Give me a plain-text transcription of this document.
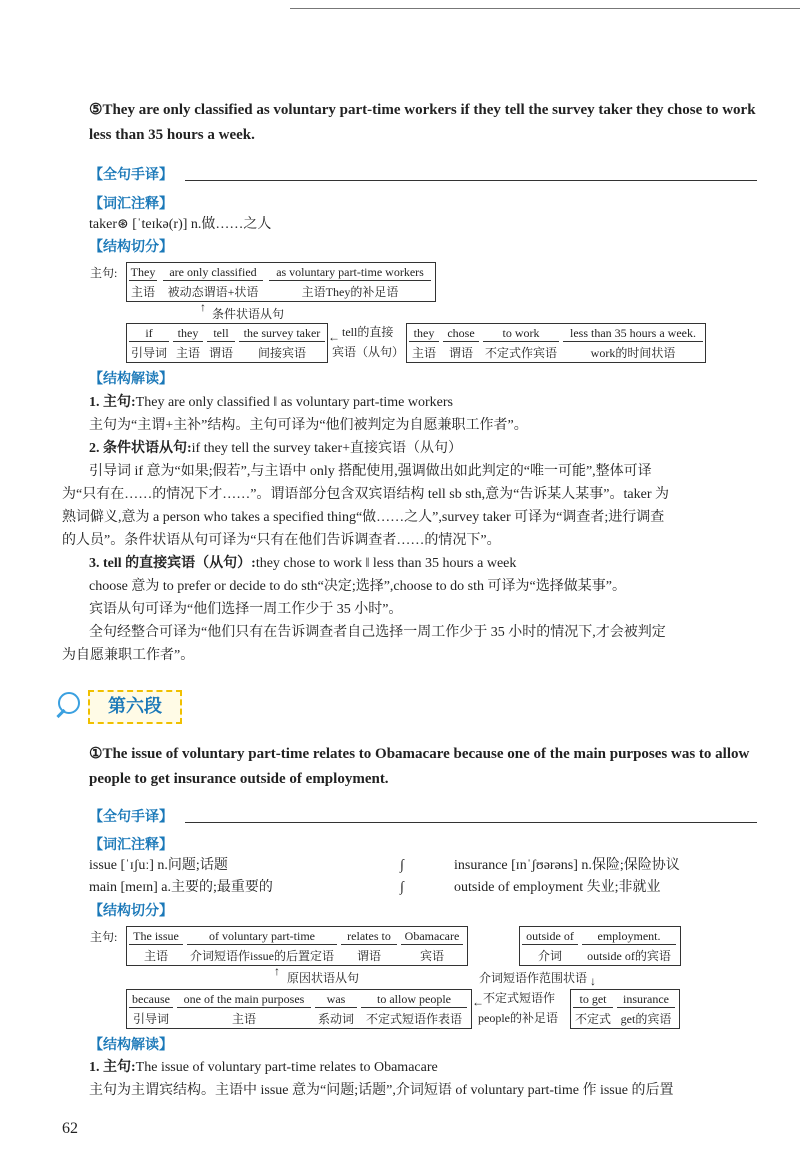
⑤They are only classified as voluntary part-time workers if they tell the survey taker they chose to work less than 35 hours a week.
【全句手译】
【词汇注释】
taker⊛ [ˈteɪkə(r)] n.做……之人
【结构切分】
主句: They
主语
are only classified
被动态谓语+状语
as voluntary part-time workers
主语They的补足语
↑ 条件状语从句
if
引导词
they
主语
tell
谓语
the survey taker
间接宾语
← tell的直接
宾语（从句）
they
主语
chose
谓语
to work
不定式作宾语
less than 35 hours a week.
work的时间状语
【结构解读】
1. 主句:They are only classified ‖ as voluntary part-time workers
主句为“主谓+主补”结构。主句可译为“他们被判定为自愿兼职工作者”。
2. 条件状语从句:if they tell the survey taker+直接宾语（从句）
引导词 if 意为“如果;假若”,与主语中 only 搭配使用,强调做出如此判定的“唯一可能”,整体可译
为“只有在……的情况下才……”。谓语部分包含双宾语结构 tell sb sth,意为“告诉某人某事”。taker 为
熟词僻义,意为 a person who takes a specified thing“做……之人”,survey taker 可译为“调查者;进行调查
的人员”。条件状语从句可译为“只有在他们告诉调查者……的情况下”。
3. tell 的直接宾语（从句）:they chose to work ‖ less than 35 hours a week
choose 意为 to prefer or decide to do sth“决定;选择”,choose to do sth 可译为“选择做某事”。
宾语从句可译为“他们选择一周工作少于 35 小时”。
全句经整合可译为“他们只有在告诉调查者自己选择一周工作少于 35 小时的情况下,才会被判定
为自愿兼职工作者”。
第六段
①The issue of voluntary part-time relates to Obamacare because one of the main purposes was to allow people to get insurance outside of employment.
【全句手译】
【词汇注释】
issue [ˈɪʃuː] n.问题;话题
main [meɪn] a.主要的;最重要的
∫
∫
insurance [ɪnˈʃʊərəns] n.保险;保险协议
outside of employment 失业;非就业
【结构切分】
主句:	The issue
主语
of voluntary part-time
介词短语作issue的后置定语
relates to
谓语
Obamacare
宾语
outside of
介词
employment.
outside of的宾语
↑ 原因状语从句	介词短语作范围状语 ↓
because
引导词
one of the main purposes
主语
was
系动词
to allow people
不定式短语作表语
← 不定式短语作
people的补足语
to get
不定式
insurance
get的宾语
【结构解读】
1. 主句:The issue of voluntary part-time relates to Obamacare
主句为主谓宾结构。主语中 issue 意为“问题;话题”,介词短语 of voluntary part-time 作 issue 的后置
62
